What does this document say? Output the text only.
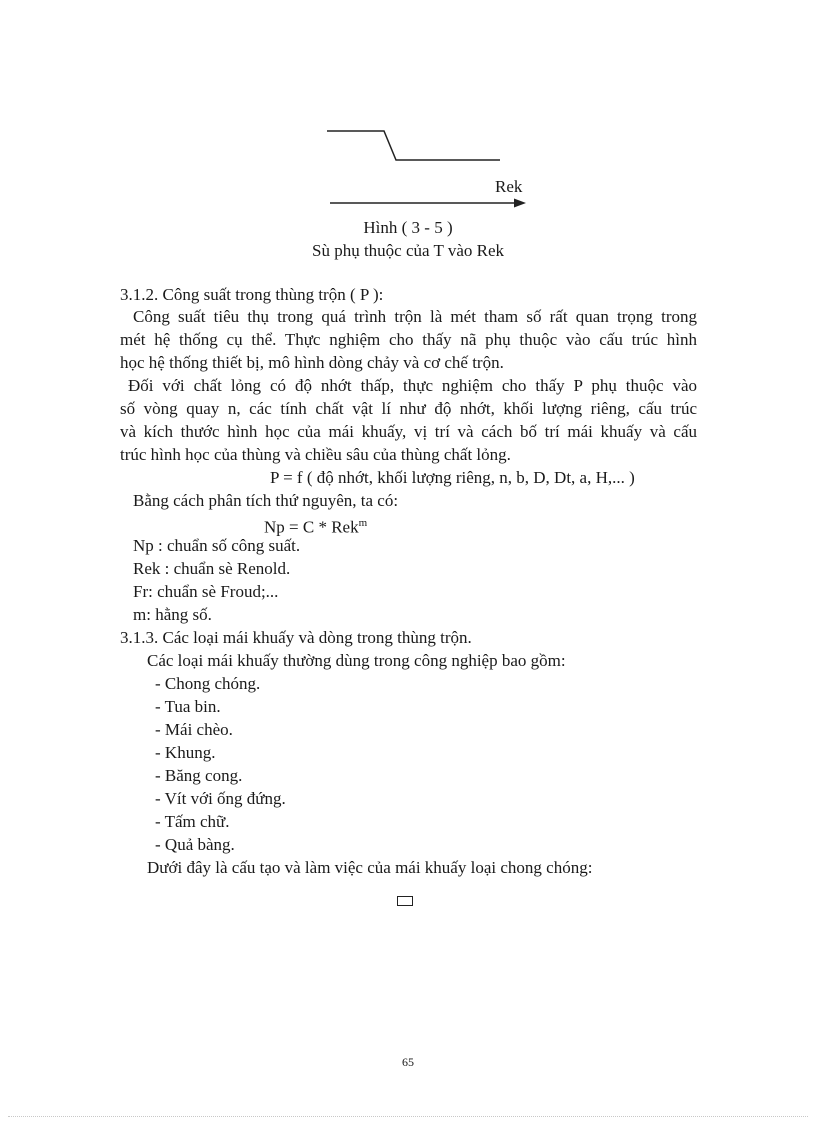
Rek
Hình ( 3 - 5 )
Sù phụ thuộc của T vào Rek
3.1.2. Công suất trong thùng trộn ( P ):
Công suất tiêu thụ trong quá trình trộn là mét tham số rất quan trọng trong
mét hệ thống cụ thể. Thực nghiệm cho thấy nã phụ thuộc vào cấu trúc hình
học hệ thống thiết bị, mô hình dòng chảy và cơ chế trộn.
Đối với chất lỏng có độ nhớt thấp, thực nghiệm cho thấy P phụ thuộc vào
số vòng quay n, các tính chất vật lí như độ nhớt, khối lượng riêng, cấu trúc
và kích thước hình học của mái khuấy, vị trí và cách bố trí mái khuấy và cấu
trúc hình học của thùng và chiều sâu của thùng chất lỏng.
P = f ( độ nhớt, khối lượng riêng, n, b, D, Dt, a, H,... )
Bằng cách phân tích thứ nguyên, ta có:
Np = C * Rek$^m$
Np : chuẩn số công suất.
Rek : chuẩn sè Renold.
Fr: chuẩn sè Froud;...
m: hằng số.
3.1.3. Các loại mái khuấy và dòng trong thùng trộn.
Các loại mái khuấy thường dùng trong công nghiệp bao gồm:
- Chong chóng.
- Tua bin.
- Mái chèo.
- Khung.
- Băng cong.
- Vít với ống đứng.
- Tấm chữ.
- Quả bàng.
Dưới đây là cấu tạo và làm việc của mái khuấy loại chong chóng:
65
